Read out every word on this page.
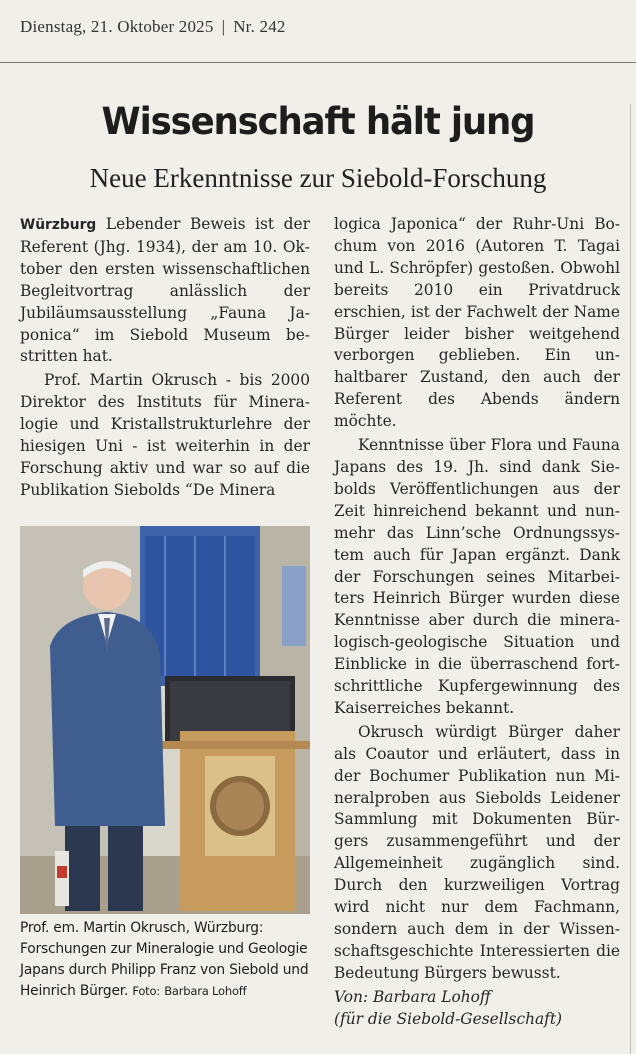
Dienstag, 21. Oktober 2025 | Nr. 242
Wissenschaft hält jung
Neue Erkenntnisse zur Siebold-Forschung

Würzburg Lebender Beweis ist der Referent (Jhg. 1934), der am 10. Oktober den ersten wissenschaftlichen Begleitvortrag anlässlich der Jubiläumsausstellung „Fauna Japonica“ im Siebold Museum bestritten hat.

Prof. Martin Okrusch - bis 2000 Direktor des Instituts für Mineralogie und Kristallstrukturlehre der hiesigen Uni - ist weiterhin in der Forschung aktiv und war so auf die Publikation Siebolds “De Minera

Prof. em. Martin Okrusch, Würzburg: Forschungen zur Mineralogie und Geologie Japans durch Philipp Franz von Siebold und Heinrich Bürger. Foto: Barbara Lohoff

logica Japonica“ der Ruhr-Uni Bochum von 2016 (Autoren T. Tagai und L. Schröpfer) gestoßen. Obwohl bereits 2010 ein Privatdruck erschien, ist der Fachwelt der Name Bürger leider bisher weitgehend verborgen geblieben. Ein unhaltbarer Zustand, den auch der Referent des Abends ändern möchte.

Kenntnisse über Flora und Fauna Japans des 19. Jh. sind dank Siebolds Veröffentlichungen aus der Zeit hinreichend bekannt und nunmehr das Linn’sche Ordnungssystem auch für Japan ergänzt. Dank der Forschungen seines Mitarbeiters Heinrich Bürger wurden diese Kenntnisse aber durch die mineralogisch-geologische Situation und Einblicke in die überraschend fortschrittliche Kupfergewinnung des Kaiserreiches bekannt.

Okrusch würdigt Bürger daher als Coautor und erläutert, dass in der Bochumer Publikation nun Mineralproben aus Siebolds Leidener Sammlung mit Dokumenten Bürgers zusammengeführt und der Allgemeinheit zugänglich sind. Durch den kurzweiligen Vortrag wird nicht nur dem Fachmann, sondern auch dem in der Wissenschaftsgeschichte Interessierten die Bedeutung Bürgers bewusst.

Von: Barbara Lohoff

(für die Siebold-Gesellschaft)
